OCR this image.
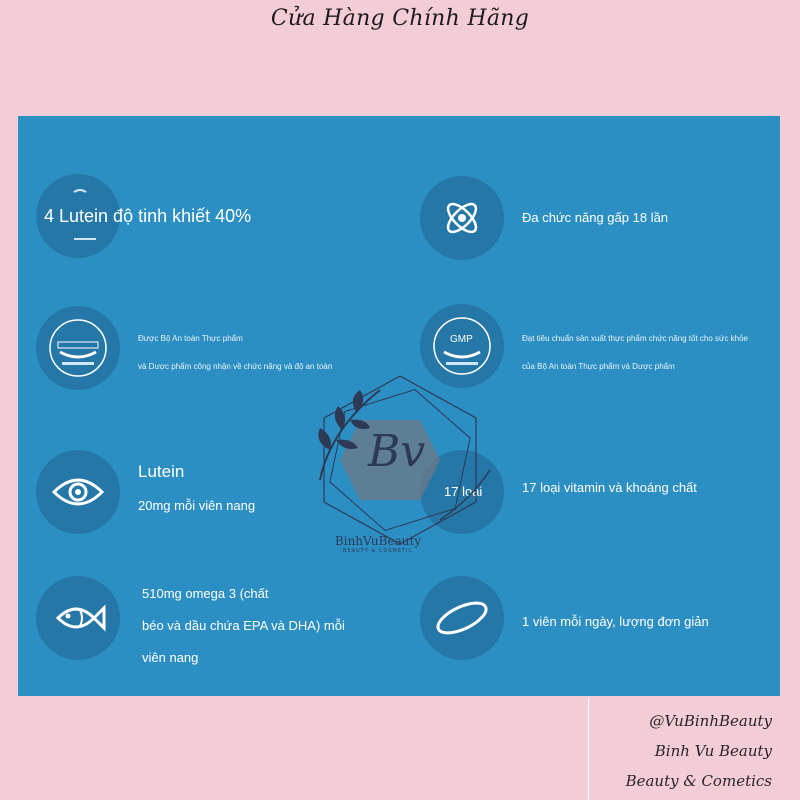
Cửa Hàng Chính Hãng
4 Lutein độ tinh khiết 40%	Đa chức năng gấp 18 lần
Được Bộ An toàn Thực phẩm
và Dược phẩm công nhận về chức năng và độ an toàn
GMP	Đạt tiêu chuẩn sản xuất thực phẩm chức năng tốt cho sức khỏe
của Bộ An toàn Thực phẩm và Dược phẩm
Lutein
20mg mỗi viên nang
17 loại	17 loại vitamin và khoáng chất
510mg omega 3 (chất
béo và dầu chứa EPA và DHA) mỗi
viên nang
1 viên mỗi ngày, lượng đơn giản
Bv
BinhVuBeauty
BEAUTY & COSMETIC
@VuBinhBeauty
Binh Vu Beauty
Beauty & Cometics
